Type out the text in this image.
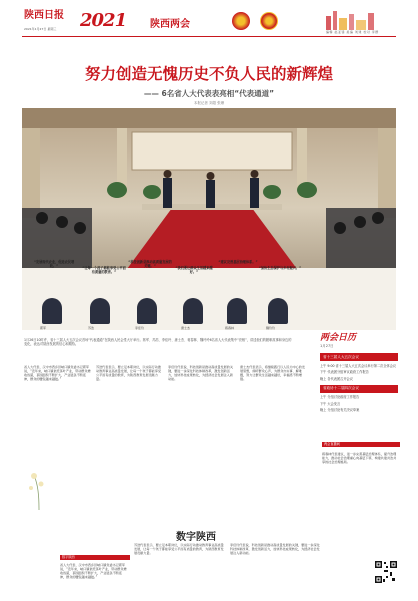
陕西日报
2021年1月27日 星期三 2021 陕西两会
编辑 赵亚锋 美编 刘建 校对 李群
努力创造无愧历史不负人民的新辉煌
—— 6名省人大代表表亮相“代表通道”
本报记者 刘超 张珊
“发展现代农业，促进农民增收。”	“让每一个孩子都能享受公平而有质量的教育。”
“科技创新是推动高质量发展的关键。”	“我们要让群众生活越来越好。”
“建议完善基层治理体系。”
“加快生态保护与乡村振兴。”
郭军	苏浩	李佳玲	唐士杰	蒋春林	魏玲玲
1月26日10时许，省十三届人大五次会议首场“代表通道”在陕西人民会堂大厅举行。郭军、苏浩、李佳玲、唐士杰、蒋春林、魏玲玲6名省人大代表集中“亮相”，讲述他们的履职故事和身边的变化，表达对陕西发展的信心和期待。
两会日历
1月27日
省十三届人大五次会议
上午 9:00 省十三届人大五次会议举行第二次全体会议
下午 代表团分组审议政府工作报告
晚上 各代表团召开会议
省政协十二届四次会议
上午 分组讨论政府工作报告
下午 大会发言
晚上 分组讨论有关决议草案
两会直播间
蒋春林代表建议，进一步完善基层治理体系，提升治理能力，推动社会治理重心向基层下移，构建共建共治共享的社会治理格局。
省人大代表、汉中市西乡县峡口镇党委书记郭军说，“近年来，峡口镇依托茶叶产业，带动群众增收致富，茶园面积不断扩大，产业链条不断延伸，群众的腰包越来越鼓。”
苏浩代表表示，要立足本职岗位，以实际行动推动教育事业高质量发展，让每一个孩子都能享受公平而有质量的教育，为陕西教育发展贡献力量。
李佳玲代表说，科技创新是推动高质量发展的关键，要进一步深化科技体制改革，激发创新活力，加快科技成果转化，为经济社会发展注入新动能。
唐士杰代表表示，将继续践行以人民为中心的发展思想，倾听群众心声，为群众办实事、解难题，努力让群众生活越来越好，幸福感不断增强。
数字陕西
数字陕西
省人大代表、汉中市西乡县峡口镇党委书记郭军说，“近年来，峡口镇依托茶叶产业，带动群众增收致富，茶园面积不断扩大，产业链条不断延伸，群众的腰包越来越鼓。”
苏浩代表表示，要立足本职岗位，以实际行动推动教育事业高质量发展，让每一个孩子都能享受公平而有质量的教育，为陕西教育发展贡献力量。
李佳玲代表说，科技创新是推动高质量发展的关键，要进一步深化科技体制改革，激发创新活力，加快科技成果转化，为经济社会发展注入新动能。
